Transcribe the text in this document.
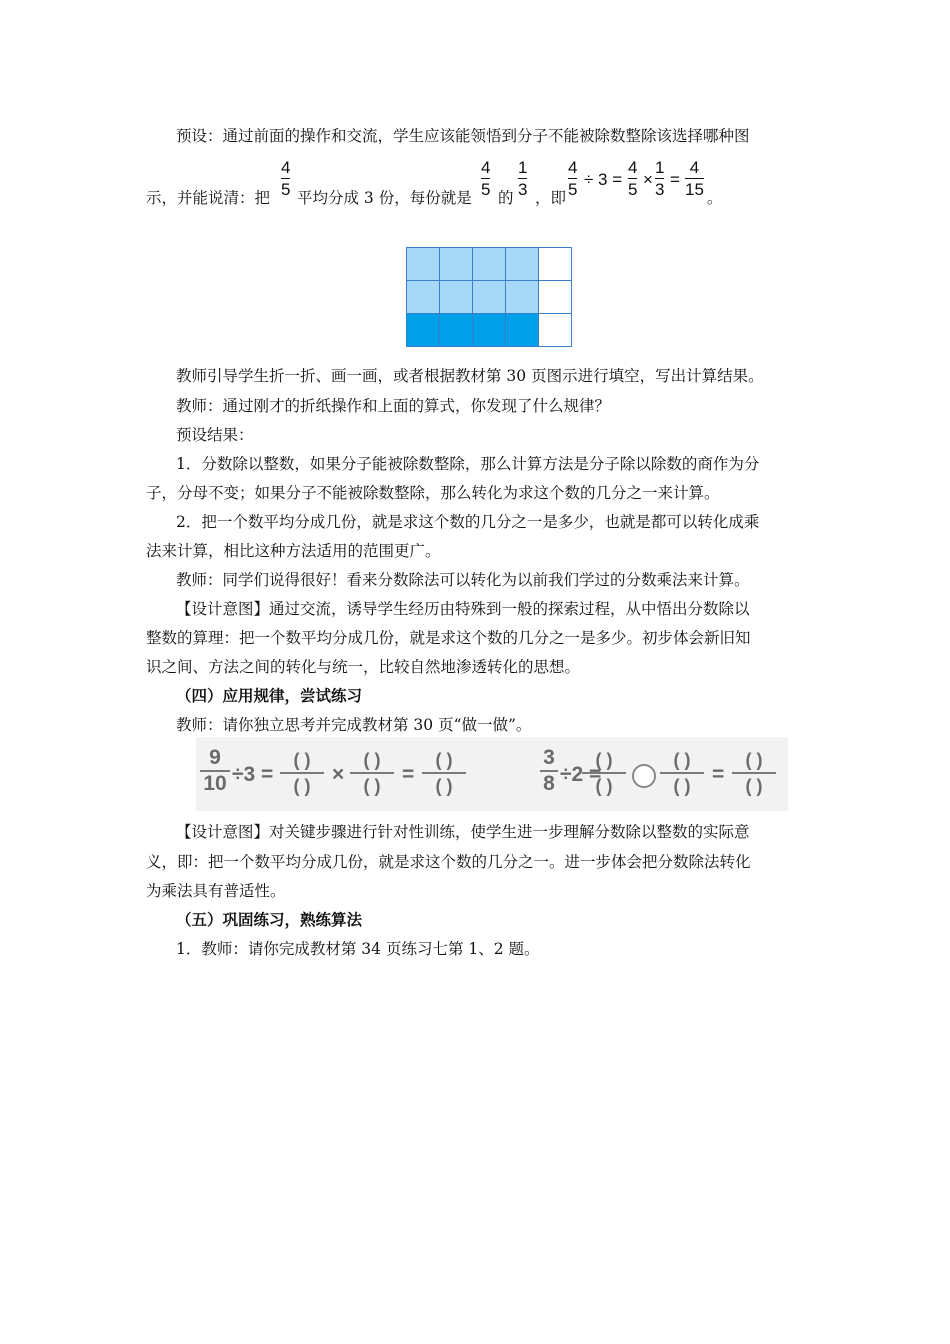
预设：通过前面的操作和交流，学生应该能领悟到分子不能被除数整除该选择哪种图
示，并能说清：把
4
5 平均分成 3 份，每份就是
4
5 的
1
3 ，即
4
5
÷ 3 =
4
5
×
1
3
=
4
15 。
教师引导学生折一折、画一画，或者根据教材第 30 页图示进行填空，写出计算结果。
教师：通过刚才的折纸操作和上面的算式，你发现了什么规律？
预设结果：
1．分数除以整数，如果分子能被除数整除，那么计算方法是分子除以除数的商作为分
子，分母不变；如果分子不能被除数整除，那么转化为求这个数的几分之一来计算。
2．把一个数平均分成几份，就是求这个数的几分之一是多少，也就是都可以转化成乘
法来计算，相比这种方法适用的范围更广。
教师：同学们说得很好！看来分数除法可以转化为以前我们学过的分数乘法来计算。
【设计意图】通过交流，诱导学生经历由特殊到一般的探索过程，从中悟出分数除以
整数的算理：把一个数平均分成几份，就是求这个数的几分之一是多少。初步体会新旧知
识之间、方法之间的转化与统一，比较自然地渗透转化的思想。
（四）应用规律，尝试练习
教师：请你独立思考并完成教材第 30 页“做一做”。
9
10 ÷3 =
( )
( )	×
( )
( )	=
( )
( )
3
8 ÷2 =
( )
( )
( )
( )	=
( )
( )
【设计意图】对关键步骤进行针对性训练，使学生进一步理解分数除以整数的实际意
义，即：把一个数平均分成几份，就是求这个数的几分之一。进一步体会把分数除法转化
为乘法具有普适性。
（五）巩固练习，熟练算法
1．教师：请你完成教材第 34 页练习七第 1、2 题。
